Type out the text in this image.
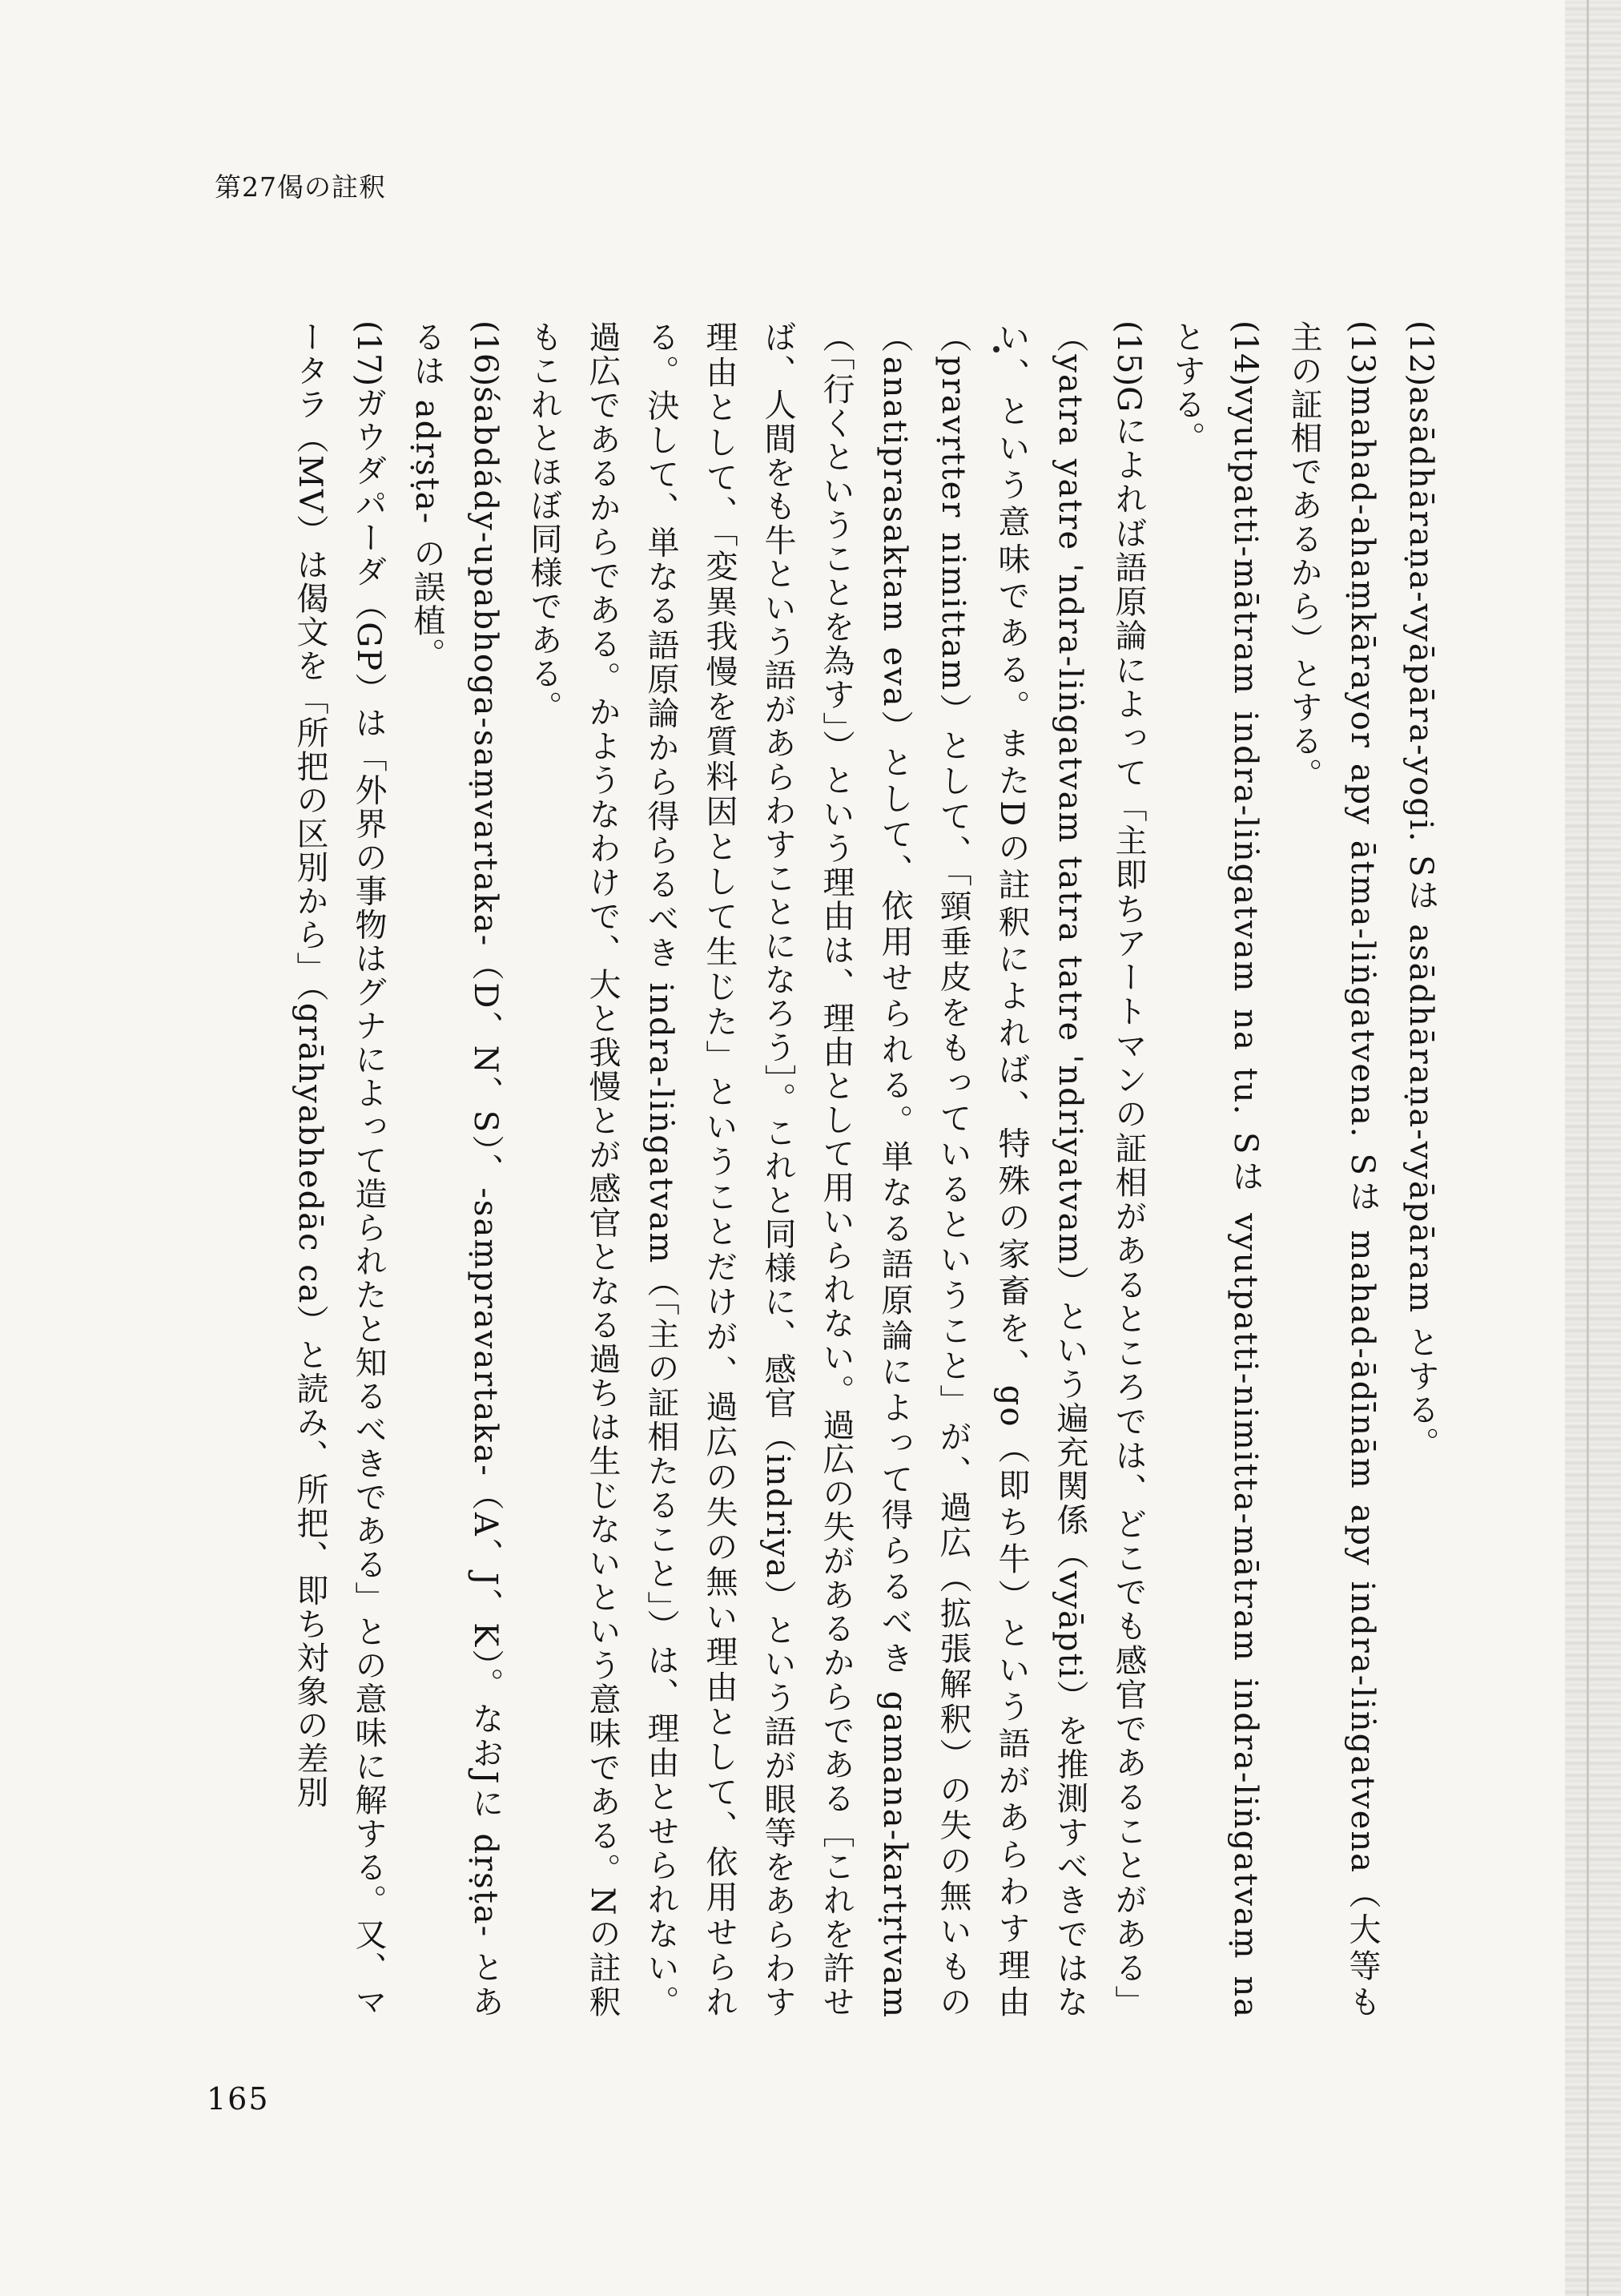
第27偈の註釈

(12)asādhāraṇa-vyāpāra-yogi. Sは asādhāraṇa-vyāpāram とする。

(13)mahad-ahaṃkārayor apy ātma-liṅgatvena. Sは mahad-ādīnām apy indra-liṅgatvena（大等も主の証相であるから）とする。

(14)vyutpatti-mātram indra-liṅgatvam na tu. Sは vyutpatti-nimitta-mātram indra-liṅgatvaṃ na とする。

(15)Gによれば語原論によって「主即ちアートマンの証相があるところでは、どこでも感官であることがある」（yatra yatre 'ndra-liṅgatvam tatra tatre 'ndriyatvam）という遍充関係（vyāpti）を推測すべきではない、という意味である。またDの註釈によれば、特殊の家畜を、go（即ち牛）という語があらわす理由（pravṛtter nimittam）として、「頸垂皮をもっているということ」が、過広（拡張解釈）の失の無いもの（anatiprasaktam eva）として、依用せられる。単なる語原論によって得らるべき gamana-kartṛtvam（「行くということを為す」）という理由は、理由として用いられない。過広の失があるからである［これを許せば、人間をも牛という語があらわすことになろう］。これと同様に、感官（indriya）という語が眼等をあらわす理由として、「変異我慢を質料因として生じた」ということだけが、過広の失の無い理由として、依用せられる。決して、単なる語原論から得らるべき indra-liṅgatvam（「主の証相たること」）は、理由とせられない。過広であるからである。かようなわけで、大と我慢とが感官となる過ちは生じないという意味である。Nの註釈もこれとほぼ同様である。

(16)śabdády-upabhoga-saṃvartaka-（D、N、S）、-saṃpravartaka-（A、J、K）。なおJに dṛṣṭa- とあるは adṛṣṭa- の誤植。

(17)ガウダパーダ（GP）は「外界の事物はグナによって造られたと知るべきである」との意味に解する。又、マータラ（MV）は偈文を「所把の区別から」（grāhyabhedāc ca）と読み、所把、即ち対象の差別

165
